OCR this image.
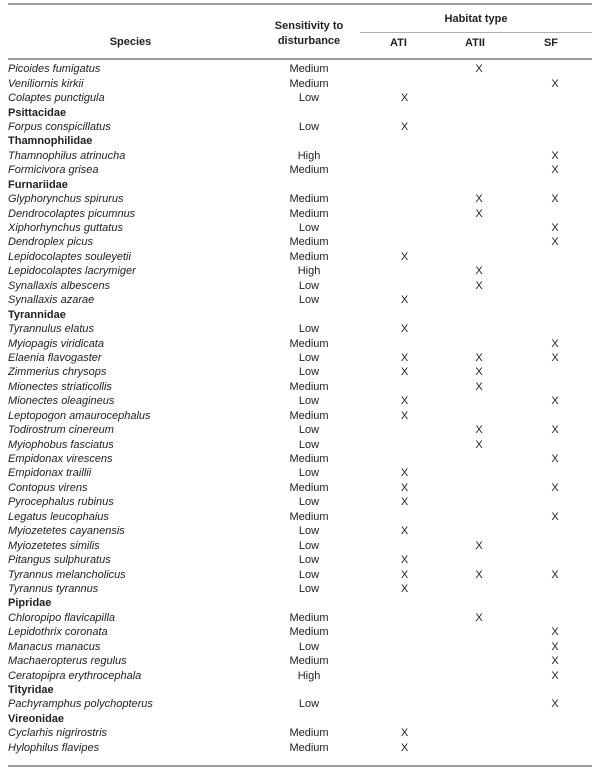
Species
Sensitivity to
disturbance
Habitat type
ATI	ATII	SF
Picoides fumigatus	Medium		X	
Veniliornis kirkii	Medium			X
Colaptes punctigula	Low	X		
Psittacidae				
Forpus conspicillatus	Low	X		
Thamnophilidae				
Thamnophilus atrinucha	High			X
Formicivora grisea	Medium			X
Furnariidae				
Glyphorynchus spirurus	Medium		X	X
Dendrocolaptes picumnus	Medium		X	
Xiphorhynchus guttatus	Low			X
Dendroplex picus	Medium			X
Lepidocolaptes souleyetii	Medium	X		
Lepidocolaptes lacrymiger	High		X	
Synallaxis albescens	Low		X	
Synallaxis azarae	Low	X		
Tyrannidae				
Tyrannulus elatus	Low	X		
Myiopagis viridicata	Medium			X
Elaenia flavogaster	Low	X	X	X
Zimmerius chrysops	Low	X	X	
Mionectes striaticollis	Medium		X	
Mionectes oleagineus	Low	X		X
Leptopogon amaurocephalus	Medium	X		
Todirostrum cinereum	Low		X	X
Myiophobus fasciatus	Low		X	
Empidonax virescens	Medium			X
Empidonax traillii	Low	X		
Contopus virens	Medium	X		X
Pyrocephalus rubinus	Low	X		
Legatus leucophaius	Medium			X
Myiozetetes cayanensis	Low	X		
Myiozetetes similis	Low		X	
Pitangus sulphuratus	Low	X		
Tyrannus melancholicus	Low	X	X	X
Tyrannus tyrannus	Low	X		
Pipridae				
Chloropipo flavicapilla	Medium		X	
Lepidothrix coronata	Medium			X
Manacus manacus	Low			X
Machaeropterus regulus	Medium			X
Ceratopipra erythrocephala	High			X
Tityridae				
Pachyramphus polychopterus	Low			X
Vireonidae				
Cyclarhis nigrirostris	Medium	X		
Hylophilus flavipes	Medium	X		
